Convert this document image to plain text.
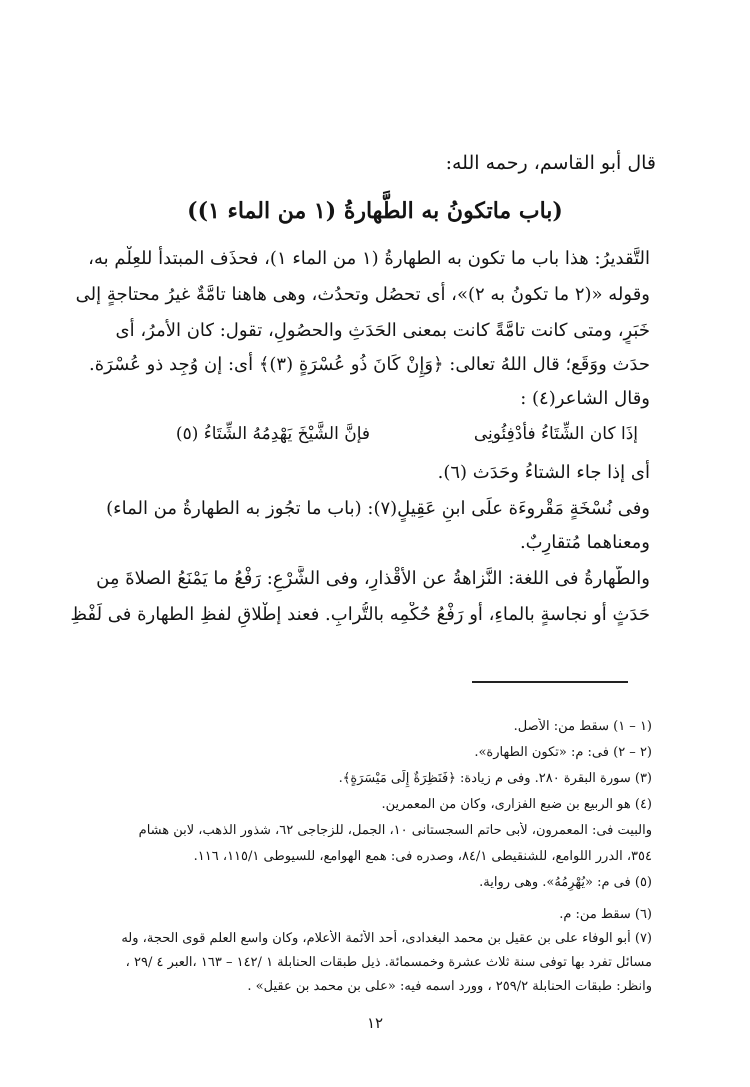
قال أبو القاسم، رحمه الله:
(باب ماتكونُ به الطَّهارةُ (١ من الماء ١))
التَّقديرُ: هذا باب ما تكون به الطهارةُ (١ من الماء ١)، فحذَف المبتدأ للعِلْم به،
وقوله «(٢ ما تكونُ به ٢)»، أى تحصُل وتحدُث، وهى هاهنا تامَّةٌ غيرُ محتاجةٍ إلى
خَبَرٍ، ومتى كانت تامَّةً كانت بمعنى الحَدَثِ والحصُولِ، تقول: كان الأمرُ، أى
حدَث ووَقَع؛ قال اللهُ تعالى: ﴿وَإِنْ كَانَ ذُو عُسْرَةٍ (٣)﴾ أى: إن وُجِد ذو عُسْرَة.
وقال الشاعر(٤) :
إذَا كان الشِّتَاءُ فأدْفِئُونِى
فإنَّ الشَّيْخَ يَهْدِمُهُ الشِّتَاءُ (٥)
أى إذا جاء الشتاءُ وحَدَث (٦).
وفى نُسْخَةٍ مَقْروءَة علَى ابنِ عَقِيلٍ(٧): (باب ما تجُوز به الطهارةُ من الماء)
ومعناهما مُتقارِبٌ.
والطَّهارةُ فى اللغة: النَّزاهةُ عن الأقْذارِ، وفى الشَّرْعِ: رَفْعُ ما يَمْنَعُ الصلاةَ مِن
حَدَثٍ أو نجاسةٍ بالماءِ، أو رَفْعُ حُكْمِه بالتُّرابِ. فعند إطْلاقِ لفظِ الطهارة فى لَفْظِ
(١ – ١) سقط من: الأصل.
(٢ – ٢) فى: م: «تكون الطهارة».
(٣) سورة البقرة ٢٨٠. وفى م زيادة: ﴿فَنَظِرَةٌ إِلَى مَيْسَرَةٍ﴾.
(٤) هو الربيع بن ضبع الفزارى، وكان من المعمرين.
والبيت فى: المعمرون، لأبى حاتم السجستانى ١٠، الجمل، للزجاجى ٦٢، شذور الذهب، لابن هشام
٣٥٤، الدرر اللوامع، للشنقيطى ٨٤/١، وصدره فى: همع الهوامع، للسيوطى ١١٥/١، ١١٦.
(٥) فى م: «يُهْرِمُهُ». وهى رواية.
(٦) سقط من: م.
(٧) أبو الوفاء على بن عقيل بن محمد البغدادى، أحد الأئمة الأعلام، وكان واسع العلم قوى الحجة، وله
مسائل تفرد بها توفى سنة ثلاث عشرة وخمسمائة. ذيل طبقات الحنابلة ١ /١٤٢ – ١٦٣ ،العبر ٤ /٢٩ ،
وانظر: طبقات الحنابلة ٢٥٩/٢ ، وورد اسمه فيه: «على بن محمد بن عقيل» .
١٢
